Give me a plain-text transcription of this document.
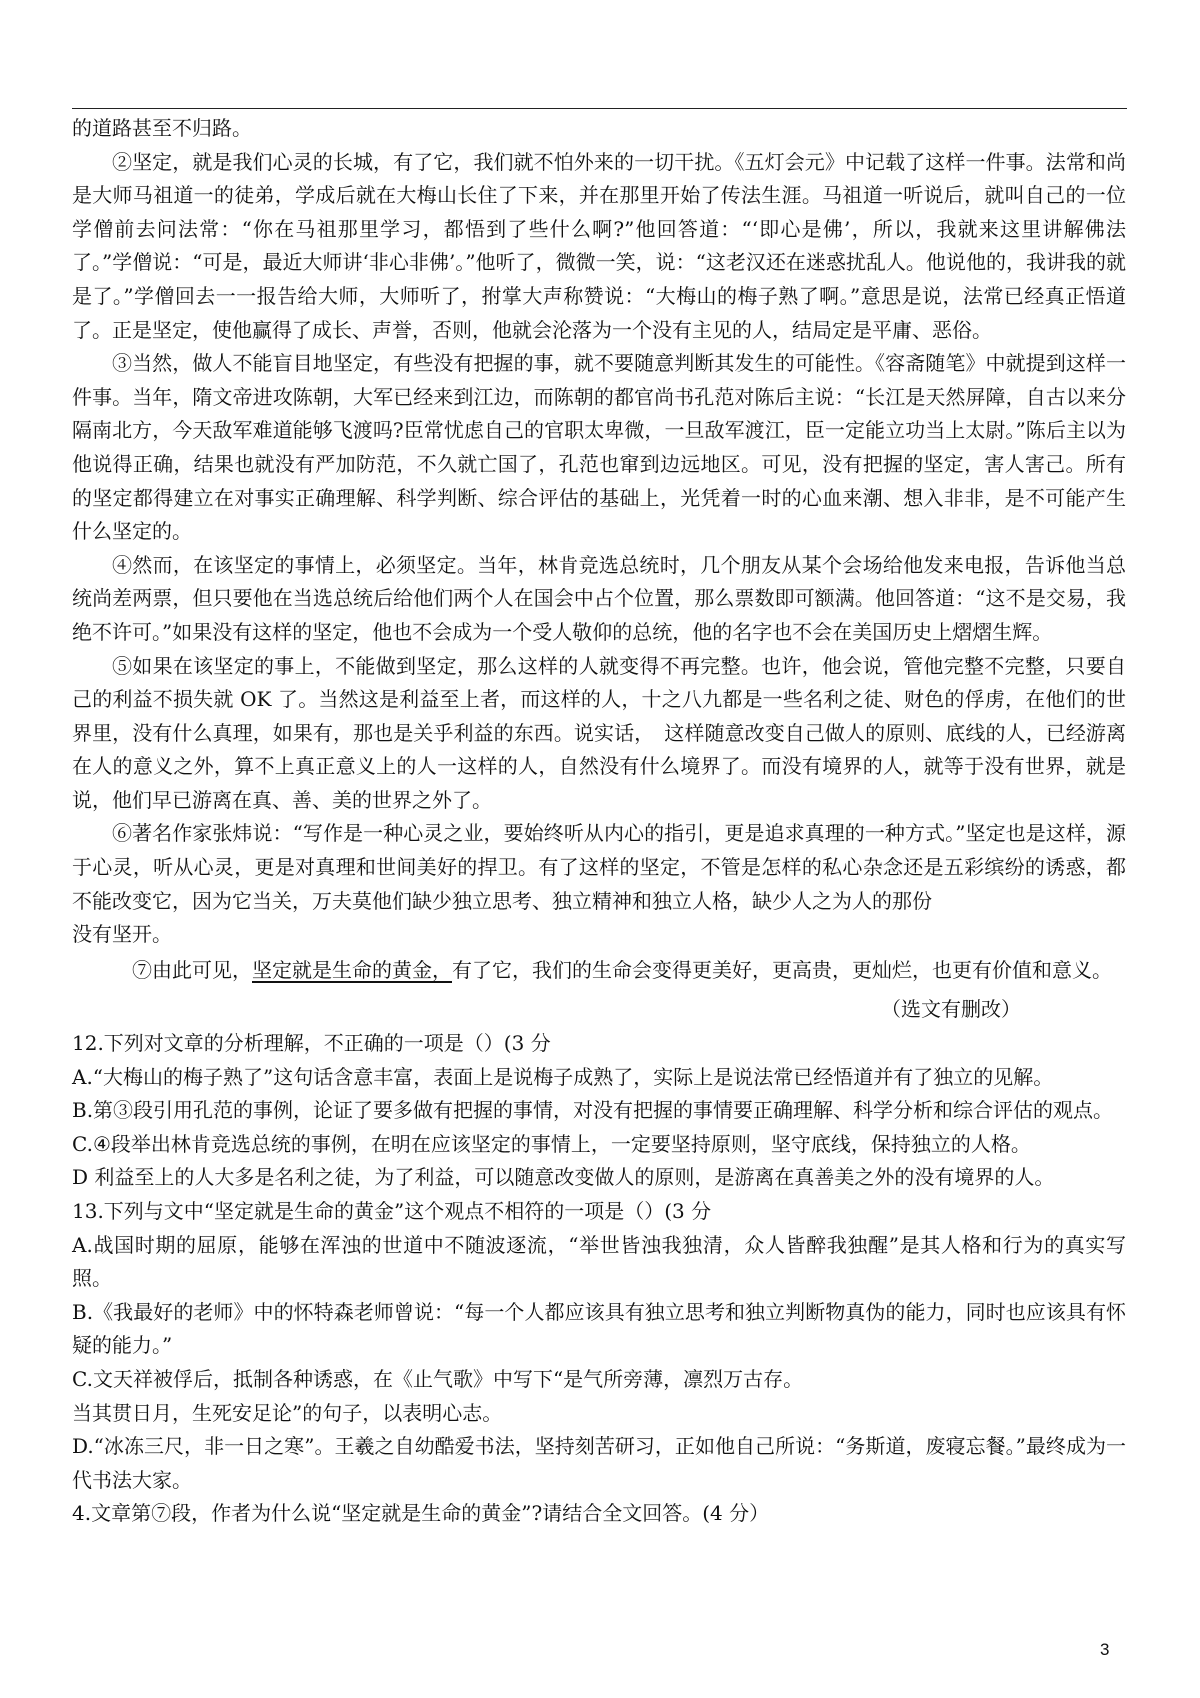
的道路甚至不归路。

②坚定，就是我们心灵的长城，有了它，我们就不怕外来的一切干扰。《五灯会元》中记载了这样一件事。法常和尚是大师马祖道一的徒弟，学成后就在大梅山长住了下来，并在那里开始了传法生涯。马祖道一听说后，就叫自己的一位学僧前去问法常：“你在马祖那里学习，都悟到了些什么啊?”他回答道：“‘即心是佛’，所以，我就来这里讲解佛法了。”学僧说：“可是，最近大师讲‘非心非佛’。”他听了，微微一笑，说：“这老汉还在迷惑扰乱人。他说他的，我讲我的就是了。”学僧回去一一报告给大师，大师听了，拊掌大声称赞说：“大梅山的梅子熟了啊。”意思是说，法常已经真正悟道了。正是坚定，使他赢得了成长、声誉，否则，他就会沦落为一个没有主见的人，结局定是平庸、恶俗。

③当然，做人不能盲目地坚定，有些没有把握的事，就不要随意判断其发生的可能性。《容斋随笔》中就提到这样一件事。当年，隋文帝进攻陈朝，大军已经来到江边，而陈朝的都官尚书孔范对陈后主说：“长江是天然屏障，自古以来分隔南北方，今天敌军难道能够飞渡吗?臣常忧虑自己的官职太卑微，一旦敌军渡江，臣一定能立功当上太尉。”陈后主以为他说得正确，结果也就没有严加防范，不久就亡国了，孔范也窜到边远地区。可见，没有把握的坚定，害人害己。所有的坚定都得建立在对事实正确理解、科学判断、综合评估的基础上，光凭着一时的心血来潮、想入非非，是不可能产生什么坚定的。

④然而，在该坚定的事情上，必须坚定。当年，林肯竞选总统时，几个朋友从某个会场给他发来电报，告诉他当总统尚差两票，但只要他在当选总统后给他们两个人在国会中占个位置，那么票数即可额满。他回答道：“这不是交易，我绝不许可。”如果没有这样的坚定，他也不会成为一个受人敬仰的总统，他的名字也不会在美国历史上熠熠生辉。

⑤如果在该坚定的事上，不能做到坚定，那么这样的人就变得不再完整。也许，他会说，管他完整不完整，只要自己的利益不损失就 OK 了。当然这是利益至上者，而这样的人，十之八九都是一些名利之徒、财色的俘虏，在他们的世界里，没有什么真理，如果有，那也是关乎利益的东西。说实话，　这样随意改变自己做人的原则、底线的人，已经游离在人的意义之外，算不上真正意义上的人一这样的人，自然没有什么境界了。而没有境界的人，就等于没有世界，就是说，他们早已游离在真、善、美的世界之外了。

⑥著名作家张炜说：“写作是一种心灵之业，要始终听从内心的指引，更是追求真理的一种方式。”坚定也是这样，源于心灵，听从心灵，更是对真理和世间美好的捍卫。有了这样的坚定，不管是怎样的私心杂念还是五彩缤纷的诱惑，都不能改变它，因为它当关，万夫莫他们缺少独立思考、独立精神和独立人格，缺少人之为人的那份

没有坚开。

⑦由此可见，坚定就是生命的黄金，有了它，我们的生命会变得更美好，更高贵，更灿烂，也更有价值和意义。

（选文有删改）

12.下列对文章的分析理解，不正确的一项是（）(3 分

A.“大梅山的梅子熟了”这句话含意丰富，表面上是说梅子成熟了，实际上是说法常已经悟道并有了独立的见解。

B.第③段引用孔范的事例，论证了要多做有把握的事情，对没有把握的事情要正确理解、科学分析和综合评估的观点。

C.④段举出林肯竞选总统的事例，在明在应该坚定的事情上，一定要坚持原则，坚守底线，保持独立的人格。

D 利益至上的人大多是名利之徒，为了利益，可以随意改变做人的原则，是游离在真善美之外的没有境界的人。

13.下列与文中“坚定就是生命的黄金”这个观点不相符的一项是（）(3 分

A.战国时期的屈原，能够在浑浊的世道中不随波逐流，“举世皆浊我独清，众人皆醉我独醒”是其人格和行为的真实写照。

B.《我最好的老师》中的怀特森老师曾说：“每一个人都应该具有独立思考和独立判断物真伪的能力，同时也应该具有怀疑的能力。”

C.文天祥被俘后，抵制各种诱惑，在《止气歌》中写下“是气所旁薄，凛烈万古存。

当其贯日月，生死安足论”的句子，以表明心志。

D.“冰冻三尺，非一日之寒”。王羲之自幼酷爱书法，坚持刻苦研习，正如他自己所说：“务斯道，废寝忘餐。”最终成为一代书法大家。

4.文章第⑦段，作者为什么说“坚定就是生命的黄金”?请结合全文回答。(4 分）

3
